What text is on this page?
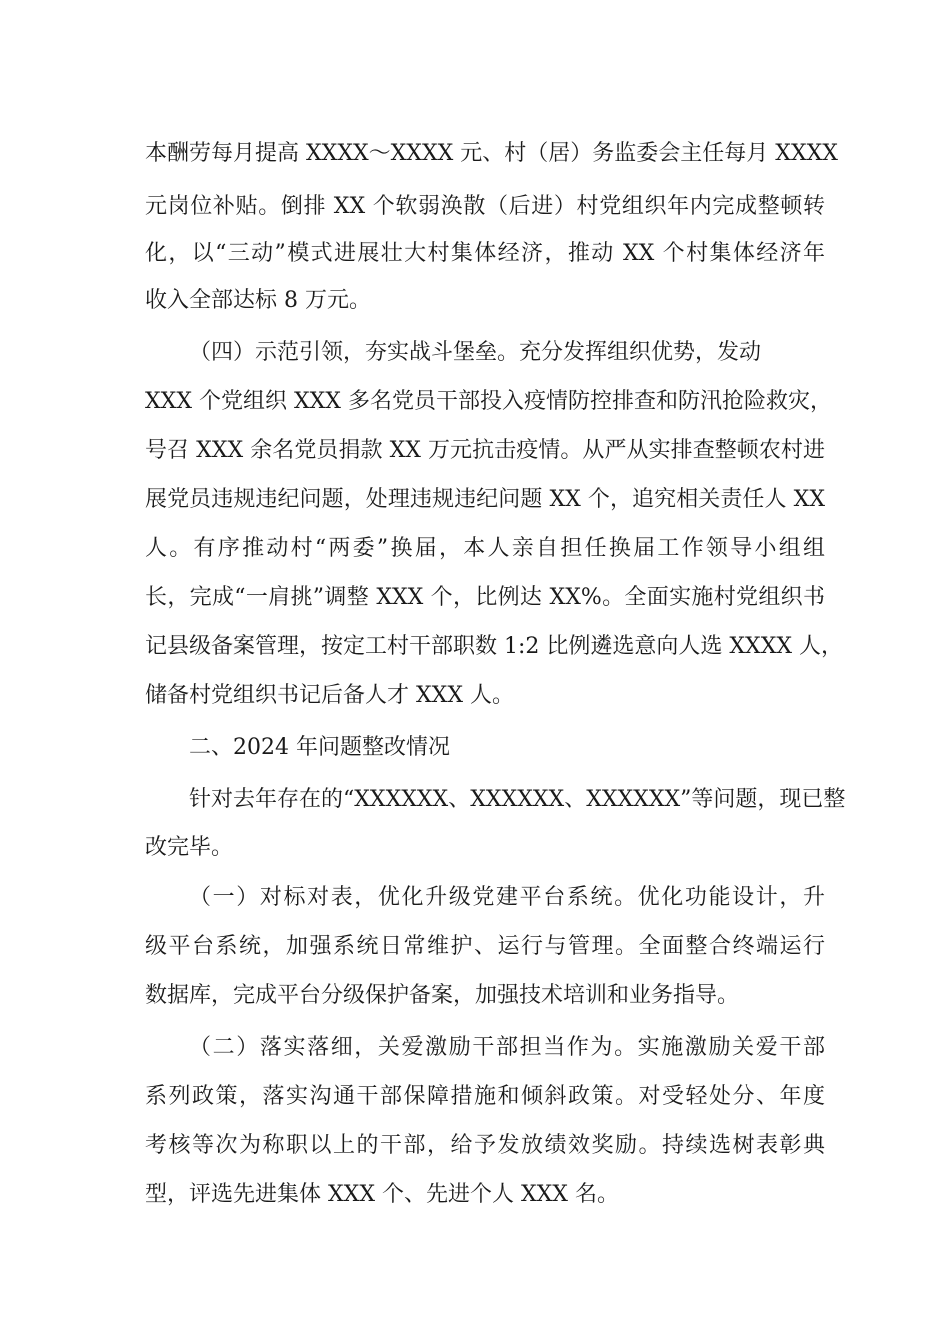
本酬劳每月提高 XXXX～XXXX 元、村（居）务监委会主任每月 XXXX
元岗位补贴。倒排 XX 个软弱涣散（后进）村党组织年内完成整顿转
化，以“三动”模式进展壮大村集体经济，推动 XX 个村集体经济年
收入全部达标 8 万元。
（四）示范引领，夯实战斗堡垒。充分发挥组织优势，发动
XXX 个党组织 XXX 多名党员干部投入疫情防控排查和防汛抢险救灾，
号召 XXX 余名党员捐款 XX 万元抗击疫情。从严从实排查整顿农村进
展党员违规违纪问题，处理违规违纪问题 XX 个，追究相关责任人 XX
人。有序推动村“两委”换届，本人亲自担任换届工作领导小组组
长，完成“一肩挑”调整 XXX 个，比例达 XX%。全面实施村党组织书
记县级备案管理，按定工村干部职数 1:2 比例遴选意向人选 XXXX 人，
储备村党组织书记后备人才 XXX 人。
二、2024 年问题整改情况
针对去年存在的“XXXXXX、XXXXXX、XXXXXX”等问题，现已整
改完毕。
（一）对标对表，优化升级党建平台系统。优化功能设计，升
级平台系统，加强系统日常维护、运行与管理。全面整合终端运行
数据库，完成平台分级保护备案，加强技术培训和业务指导。
（二）落实落细，关爱激励干部担当作为。实施激励关爱干部
系列政策，落实沟通干部保障措施和倾斜政策。对受轻处分、年度
考核等次为称职以上的干部，给予发放绩效奖励。持续选树表彰典
型，评选先进集体 XXX 个、先进个人 XXX 名。
